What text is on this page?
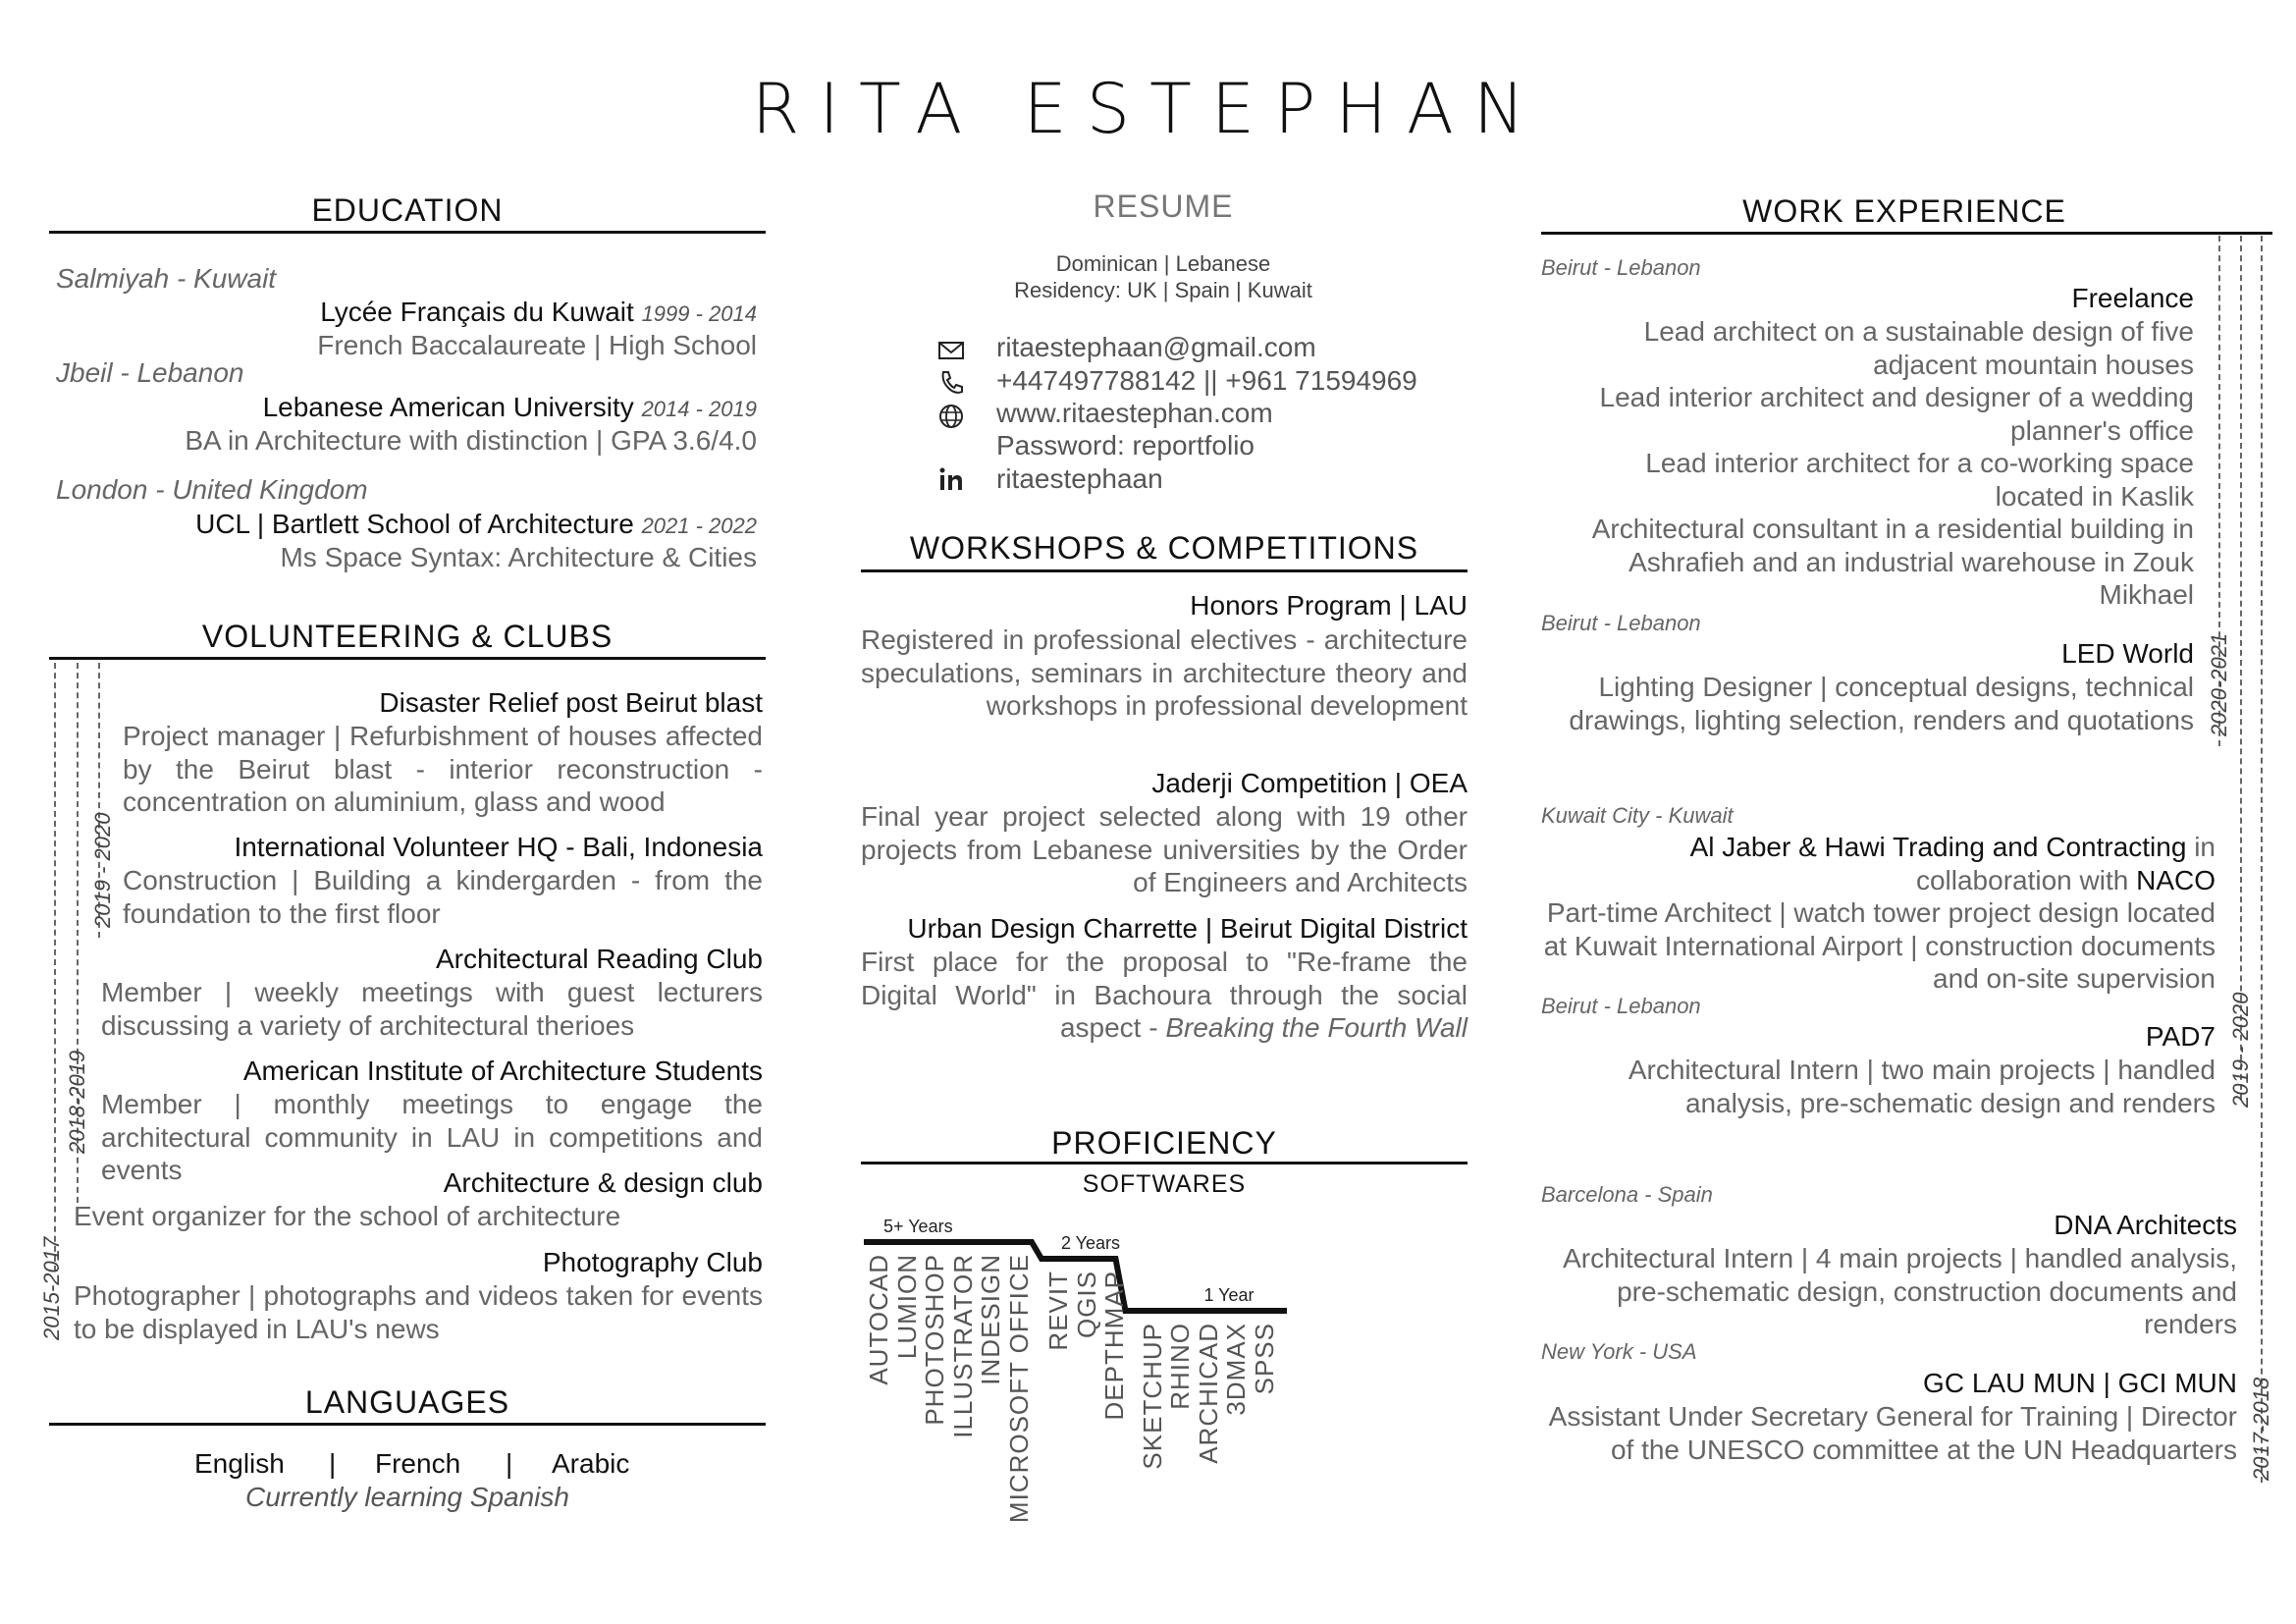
RITA ESTEPHAN
EDUCATION
Salmiyah - Kuwait
Lycée Français du Kuwait 1999 - 2014
French Baccalaureate | High School
Jbeil - Lebanon
Lebanese American University 2014 - 2019
BA in Architecture with distinction | GPA 3.6/4.0
London - United Kingdom
UCL | Bartlett School of Architecture 2021 - 2022
Ms Space Syntax: Architecture & Cities
VOLUNTEERING & CLUBS
2019 - 2020
2018-2019
2015-2017
Disaster Relief post Beirut blast
Project manager | Refurbishment of houses affected by the Beirut blast - interior reconstruction - concentration on aluminium, glass and wood
International Volunteer HQ - Bali, Indonesia
Construction | Building a kindergarden - from the foundation to the first floor
Architectural Reading Club
Member | weekly meetings with guest lecturers discussing a variety of architectural therioes
American Institute of Architecture Students
Member | monthly meetings to engage the architectural community in LAU in competitions and events	Architecture & design club
Event organizer for the school of architecture
Photography Club
Photographer | photographs and videos taken for events to be displayed in LAU's news
LANGUAGES
English | French | Arabic
Currently learning Spanish
RESUME
Dominican | Lebanese
Residency: UK | Spain | Kuwait
ritaestephaan@gmail.com
+447497788142 || +961 71594969
www.ritaestephan.com
Password: reportfolio
ritaestephaan
WORKSHOPS & COMPETITIONS
Honors Program | LAU
Registered in professional electives - architecture speculations, seminars in architecture theory and workshops in professional development
Jaderji Competition | OEA
Final year project selected along with 19 other projects from Lebanese universities by the Order of Engineers and Architects
Urban Design Charrette | Beirut Digital District
First place for the proposal to "Re-frame the Digital World" in Bachoura through the social aspect - Breaking the Fourth Wall
PROFICIENCY
SOFTWARES
5+ Years
2 Years
1 Year
AUTOCAD
LUMION
PHOTOSHOP
ILLUSTRATOR
INDESIGN
MICROSOFT OFFICE REVIT
QGIS
DEPTHMAP SKETCHUP
RHINO
ARCHICAD
3DMAX
SPSS
WORK EXPERIENCE
2020-2021
2019 - 2020
2017-2018
Beirut - Lebanon
Freelance
Lead architect on a sustainable design of five adjacent mountain houses
Lead interior architect and designer of a wedding planner's office
Lead interior architect for a co-working space located in Kaslik
Architectural consultant in a residential building in Ashrafieh and an industrial warehouse in Zouk Mikhael
Beirut - Lebanon
LED World
Lighting Designer | conceptual designs, technical drawings, lighting selection, renders and quotations
Kuwait City - Kuwait
Al Jaber & Hawi Trading and Contracting in collaboration with NACO
Part-time Architect | watch tower project design located at Kuwait International Airport | construction documents and on-site supervision
Beirut - Lebanon
PAD7
Architectural Intern | two main projects | handled analysis, pre-schematic design and renders
Barcelona - Spain
DNA Architects
Architectural Intern | 4 main projects | handled analysis, pre-schematic design, construction documents and renders
New York - USA
GC LAU MUN | GCI MUN
Assistant Under Secretary General for Training | Director of the UNESCO committee at the UN Headquarters
